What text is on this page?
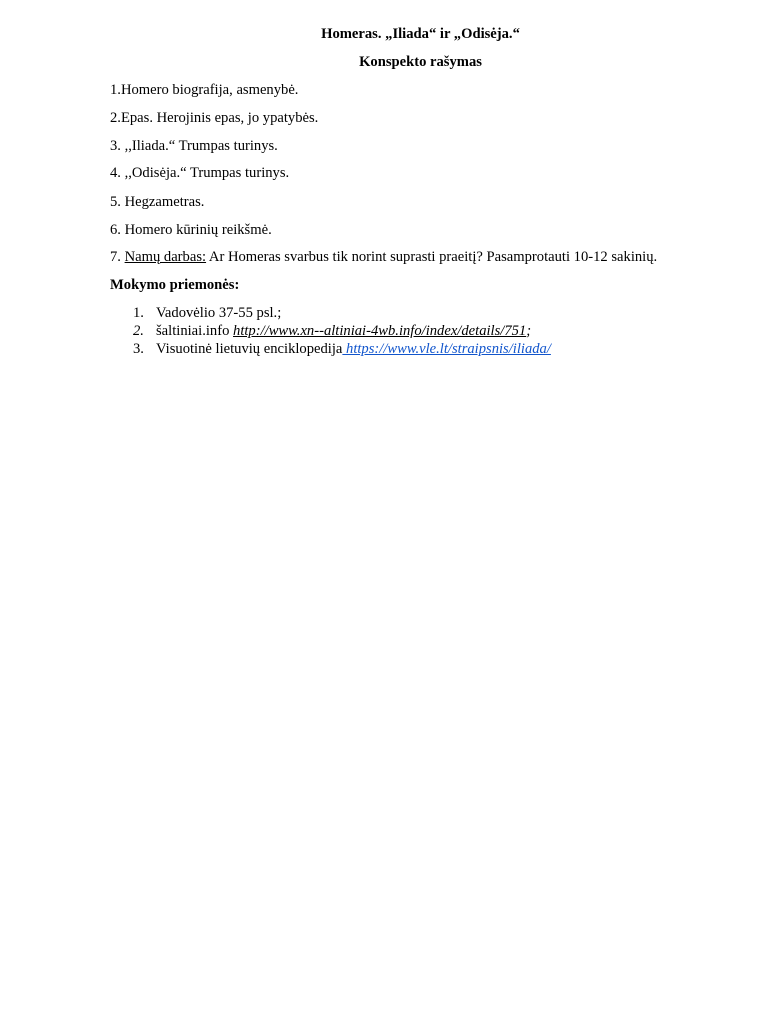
Homeras. „Iliada“ ir „Odisėja.“
Konspekto rašymas
1.Homero biografija, asmenybė.
2.Epas. Herojinis epas, jo ypatybės.
3. ,,Iliada.“ Trumpas turinys.
4. ,,Odisėja.“ Trumpas turinys.
5. Hegzametras.
6. Homero kūrinių reikšmė.
7. Namų darbas: Ar Homeras svarbus tik norint suprasti praeitį? Pasamprotauti 10-12 sakinių.
Mokymo priemonės:
1. Vadovėlio 37-55 psl.;
2. šaltiniai.info http://www.xn--altiniai-4wb.info/index/details/751;
3. Visuotinė lietuvių enciklopedija https://www.vle.lt/straipsnis/iliada/
